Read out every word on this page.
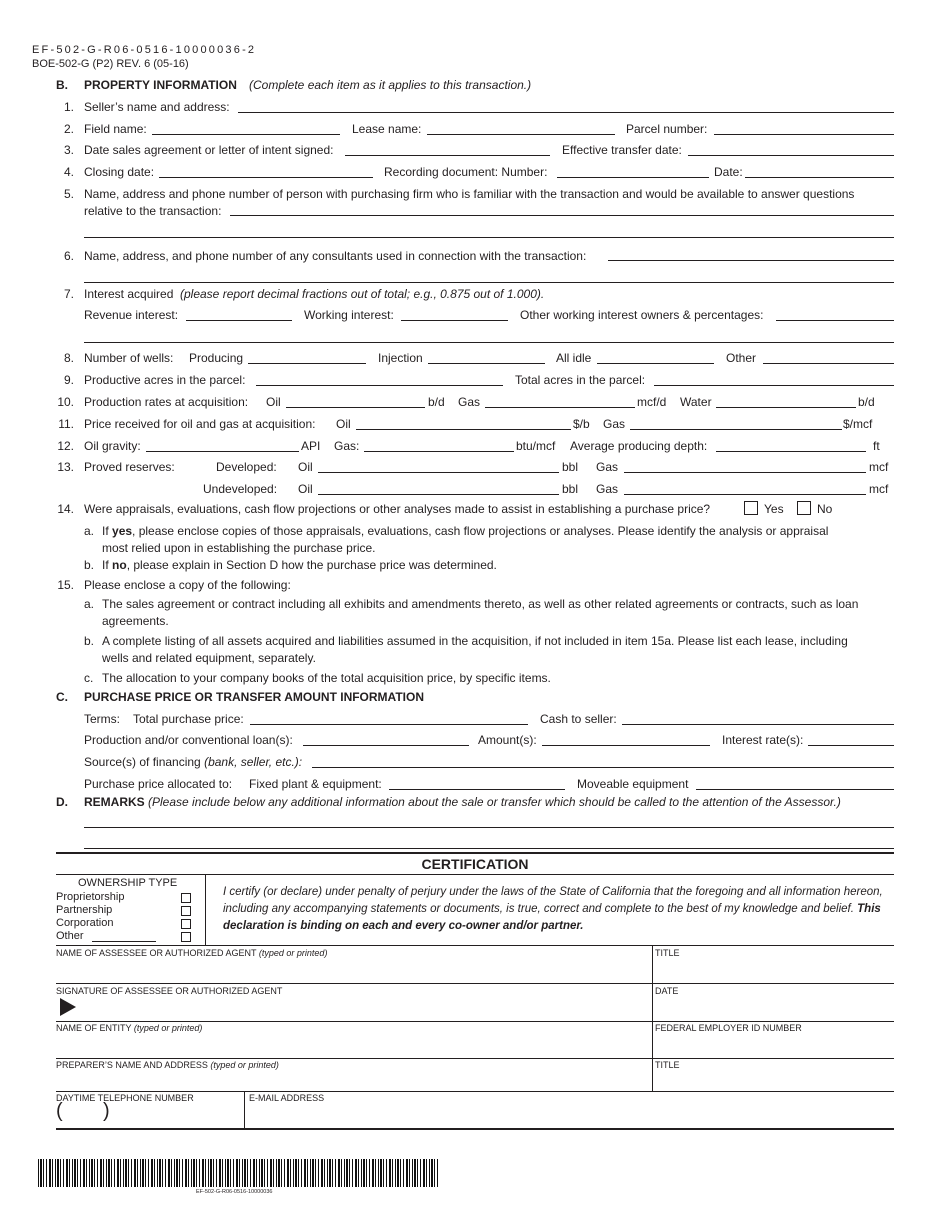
EF-502-G-R06-0516-10000036-2
BOE-502-G (P2) REV. 6 (05-16)
B. PROPERTY INFORMATION (Complete each item as it applies to this transaction.)
1. Seller’s name and address:
2. Field name:	Lease name:	Parcel number:
3. Date sales agreement or letter of intent signed:	Effective transfer date:
4. Closing date:	Recording document: Number:	Date:
5. Name, address and phone number of person with purchasing firm who is familiar with the transaction and would be available to answer questions
relative to the transaction:
6. Name, address, and phone number of any consultants used in connection with the transaction:
7. Interest acquired (please report decimal fractions out of total; e.g., 0.875 out of 1.000).
Revenue interest:	Working interest:	Other working interest owners & percentages:
8. Number of wells: Producing	Injection	All idle	Other
9. Productive acres in the parcel:	Total acres in the parcel:
10. Production rates at acquisition: Oil	b/d Gas	mcf/d Water	b/d
11. Price received for oil and gas at acquisition: Oil	$/b Gas	$/mcf
12. Oil gravity:	API Gas:	btu/mcf Average producing depth:	ft
13. Proved reserves:	Developed: Oil	bbl Gas	mcf
Undeveloped: Oil	bbl Gas	mcf
14. Were appraisals, evaluations, cash flow projections or other analyses made to assist in establishing a purchase price?	Yes	No
a. If yes, please enclose copies of those appraisals, evaluations, cash flow projections or analyses. Please identify the analysis or appraisal
most relied upon in establishing the purchase price.
b. If no, please explain in Section D how the purchase price was determined.
15. Please enclose a copy of the following:
a. The sales agreement or contract including all exhibits and amendments thereto, as well as other related agreements or contracts, such as loan
agreements.
b. A complete listing of all assets acquired and liabilities assumed in the acquisition, if not included in item 15a. Please list each lease, including
wells and related equipment, separately.
c. The allocation to your company books of the total acquisition price, by specific items.
C. PURCHASE PRICE OR TRANSFER AMOUNT INFORMATION
Terms: Total purchase price:	Cash to seller:
Production and/or conventional loan(s):	Amount(s):	Interest rate(s):
Source(s) of financing (bank, seller, etc.):
Purchase price allocated to: Fixed plant & equipment:	Moveable equipment
D. REMARKS (Please include below any additional information about the sale or transfer which should be called to the attention of the Assessor.)
CERTIFICATION
OWNERSHIP TYPE
Proprietorship
Partnership
Corporation
Other
I certify (or declare) under penalty of perjury under the laws of the State of California that the foregoing and all information hereon, including any accompanying statements or documents, is true, correct and complete to the best of my knowledge and belief. This declaration is binding on each and every co-owner and/or partner.
NAME OF ASSESSEE OR AUTHORIZED AGENT (typed or printed)	TITLE
SIGNATURE OF ASSESSEE OR AUTHORIZED AGENT	DATE
NAME OF ENTITY (typed or printed)	FEDERAL EMPLOYER ID NUMBER
PREPARER’S NAME AND ADDRESS (typed or printed)	TITLE
DAYTIME TELEPHONE NUMBER
( )
E-MAIL ADDRESS
EF-502-G-R06-0516-10000036
